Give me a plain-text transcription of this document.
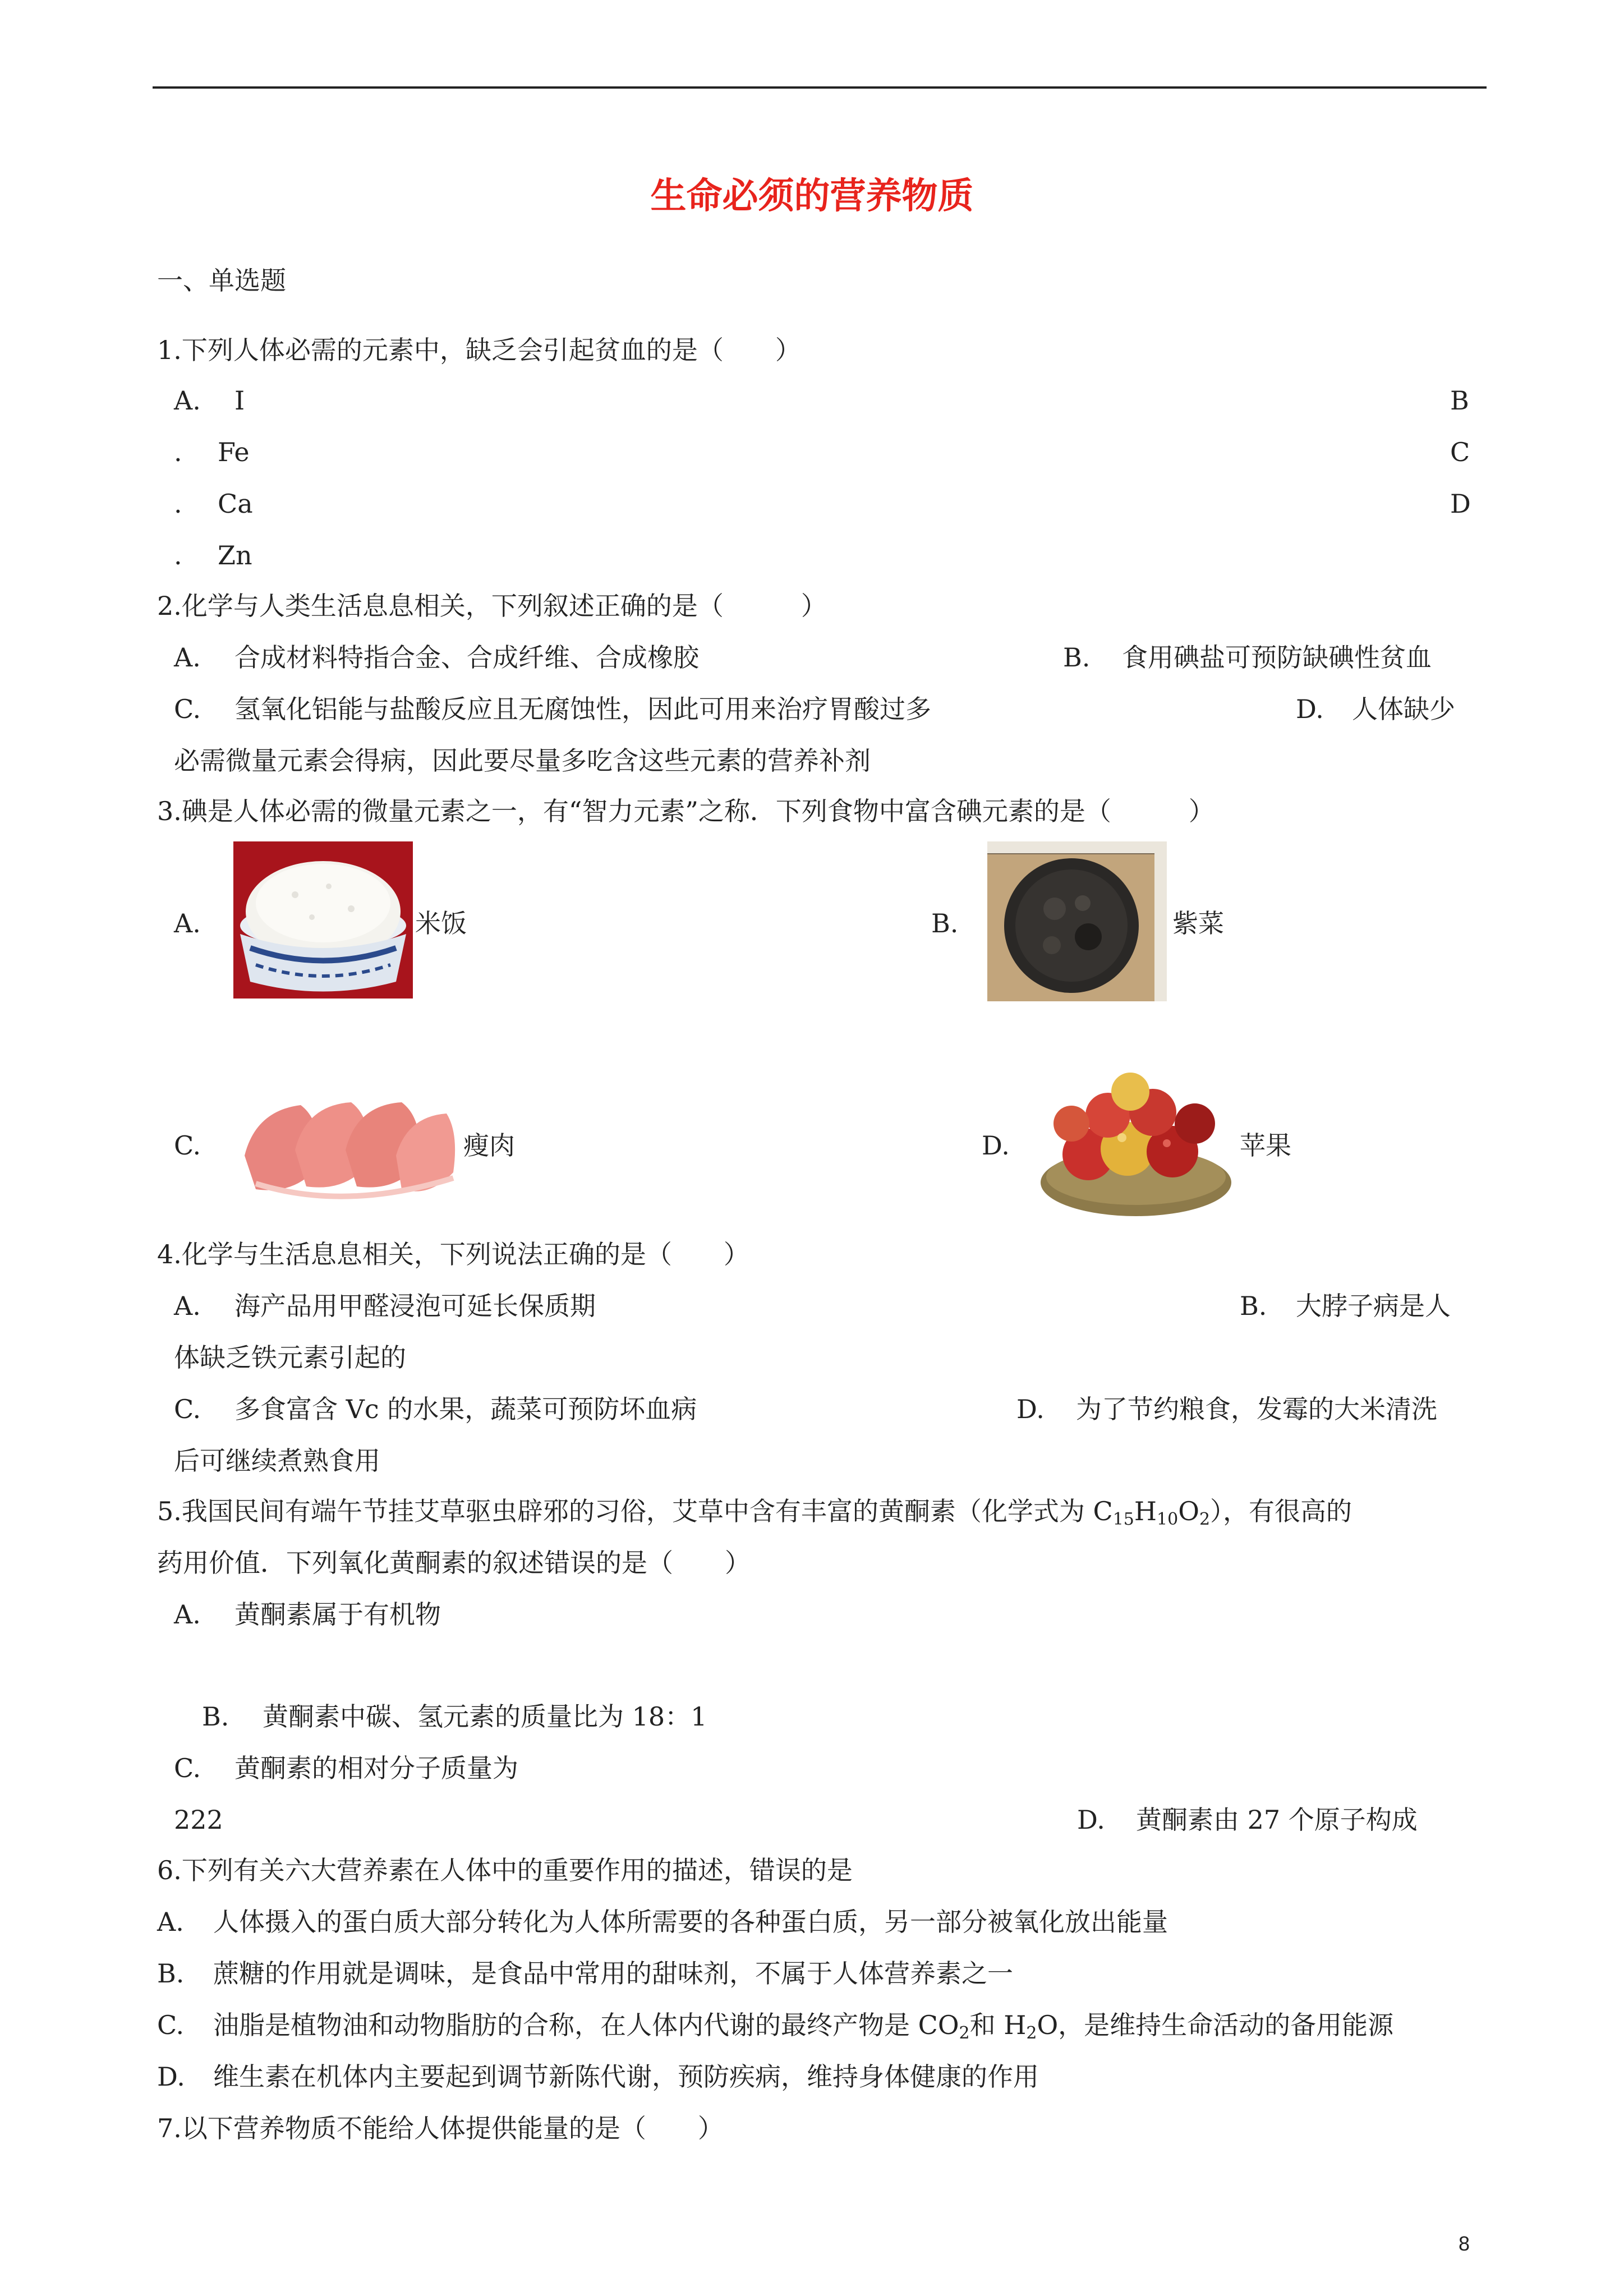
生命必须的营养物质
一、单选题
1.下列人体必需的元素中，缺乏会引起贫血的是（　　）
A. I	B
. Fe	C
. Ca	D
. Zn
2.化学与人类生活息息相关，下列叙述正确的是（　　　）
A. 合成材料特指合金、合成纤维、合成橡胶	B. 食用碘盐可预防缺碘性贫血
C. 氢氧化铝能与盐酸反应且无腐蚀性，因此可用来治疗胃酸过多	D. 人体缺少
必需微量元素会得病，因此要尽量多吃含这些元素的营养补剂
3.碘是人体必需的微量元素之一，有“智力元素”之称．下列食物中富含碘元素的是（　　　）
A.	米饭	B.	紫菜
C.	瘦肉	D.	苹果
4.化学与生活息息相关，下列说法正确的是（　　）
A. 海产品用甲醛浸泡可延长保质期	B. 大脖子病是人
体缺乏铁元素引起的
C. 多食富含 Vc 的水果，蔬菜可预防坏血病	D. 为了节约粮食，发霉的大米清洗
后可继续煮熟食用
5.我国民间有端午节挂艾草驱虫辟邪的习俗，艾草中含有丰富的黄酮素（化学式为 $C_{15}H_{10}O_2$），有很高的
药用价值．下列氧化黄酮素的叙述错误的是（　　）
A. 黄酮素属于有机物
B. 黄酮素中碳、氢元素的质量比为 18：1
C. 黄酮素的相对分子质量为
222	D. 黄酮素由 27 个原子构成
6.下列有关六大营养素在人体中的重要作用的描述，错误的是
A. 人体摄入的蛋白质大部分转化为人体所需要的各种蛋白质，另一部分被氧化放出能量
B. 蔗糖的作用就是调味，是食品中常用的甜味剂，不属于人体营养素之一
C. 油脂是植物油和动物脂肪的合称，在人体内代谢的最终产物是 $CO_2$和 $H_2O$，是维持生命活动的备用能源
D. 维生素在机体内主要起到调节新陈代谢，预防疾病，维持身体健康的作用
7.以下营养物质不能给人体提供能量的是（　　）
8
